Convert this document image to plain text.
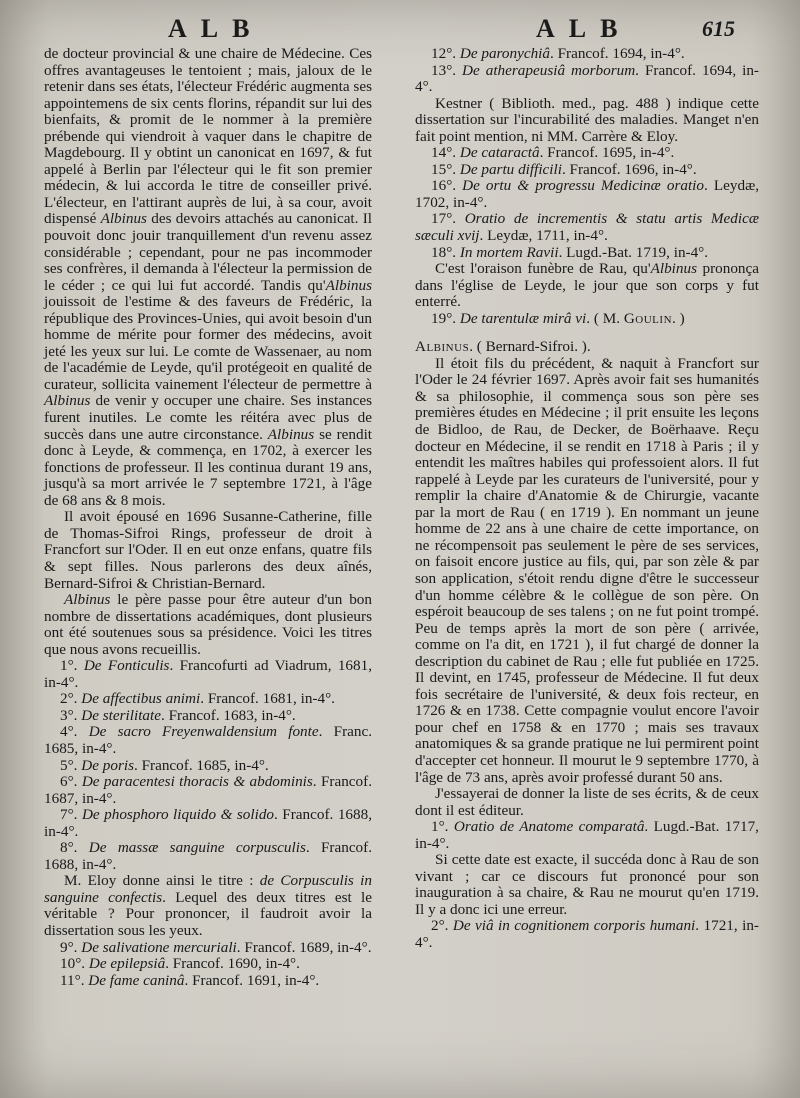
ALB	ALB	615

de docteur provincial & une chaire de Médecine. Ces offres avantageuses le tentoient ; mais, jaloux de le retenir dans ses états, l'électeur Frédéric augmenta ses appointemens de six cents florins, répandit sur lui des bienfaits, & promit de le nommer à la première prébende qui viendroit à vaquer dans le chapitre de Magdebourg. Il y obtint un canonicat en 1697, & fut appelé à Berlin par l'électeur qui le fit son premier médecin, & lui accorda le titre de conseiller privé. L'électeur, en l'attirant auprès de lui, à sa cour, avoit dispensé Albinus des devoirs attachés au canonicat. Il pouvoit donc jouir tranquillement d'un revenu assez considérable ; cependant, pour ne pas incommoder ses confrères, il demanda à l'électeur la permission de le céder ; ce qui lui fut accordé. Tandis qu'Albinus jouissoit de l'estime & des faveurs de Frédéric, la république des Provinces-Unies, qui avoit besoin d'un homme de mérite pour former des médecins, avoit jeté les yeux sur lui. Le comte de Wassenaer, au nom de l'académie de Leyde, qu'il protégeoit en qualité de curateur, sollicita vainement l'électeur de permettre à Albinus de venir y occuper une chaire. Ses instances furent inutiles. Le comte les réitéra avec plus de succès dans une autre circonstance. Albinus se rendit donc à Leyde, & commença, en 1702, à exercer les fonctions de professeur. Il les continua durant 19 ans, jusqu'à sa mort arrivée le 7 septembre 1721, à l'âge de 68 ans & 8 mois.

Il avoit épousé en 1696 Susanne-Catherine, fille de Thomas-Sifroi Rings, professeur de droit à Francfort sur l'Oder. Il en eut onze enfans, quatre fils & sept filles. Nous parlerons des deux aînés, Bernard-Sifroi & Christian-Bernard.

Albinus le père passe pour être auteur d'un bon nombre de dissertations académiques, dont plusieurs ont été soutenues sous sa présidence. Voici les titres que nous avons recueillis.

1°. De Fonticulis. Francofurti ad Viadrum, 1681, in-4°.

2°. De affectibus animi. Francof. 1681, in-4°.

3°. De sterilitate. Francof. 1683, in-4°.

4°. De sacro Freyenwaldensium fonte. Franc. 1685, in-4°.

5°. De poris. Francof. 1685, in-4°.

6°. De paracentesi thoracis & abdominis. Francof. 1687, in-4°.

7°. De phosphoro liquido & solido. Francof. 1688, in-4°.

8°. De massæ sanguine corpusculis. Francof. 1688, in-4°.

M. Eloy donne ainsi le titre : de Corpusculis in sanguine confectis. Lequel des deux titres est le véritable ? Pour prononcer, il faudroit avoir la dissertation sous les yeux.

9°. De salivatione mercuriali. Francof. 1689, in-4°.

10°. De epilepsiâ. Francof. 1690, in-4°.

11°. De fame caninâ. Francof. 1691, in-4°.

12°. De paronychiâ. Francof. 1694, in-4°.

13°. De atherapeusiâ morborum. Francof. 1694, in-4°.

Kestner ( Biblioth. med., pag. 488 ) indique cette dissertation sur l'incurabilité des maladies. Manget n'en fait point mention, ni MM. Carrère & Eloy.

14°. De cataractâ. Francof. 1695, in-4°.

15°. De partu difficili. Francof. 1696, in-4°.

16°. De ortu & progressu Medicinæ oratio. Leydæ, 1702, in-4°.

17°. Oratio de incrementis & statu artis Medicæ sæculi xvij. Leydæ, 1711, in-4°.

18°. In mortem Ravii. Lugd.-Bat. 1719, in-4°.

C'est l'oraison funèbre de Rau, qu'Albinus prononça dans l'église de Leyde, le jour que son corps y fut enterré.

19°. De tarentulæ mirâ vi. ( M. Goulin. )

Albinus. ( Bernard-Sifroi. ).

Il étoit fils du précédent, & naquit à Francfort sur l'Oder le 24 février 1697. Après avoir fait ses humanités & sa philosophie, il commença sous son père ses premières études en Médecine ; il prit ensuite les leçons de Bidloo, de Rau, de Decker, de Boërhaave. Reçu docteur en Médecine, il se rendit en 1718 à Paris ; il y entendit les maîtres habiles qui professoient alors. Il fut rappelé à Leyde par les curateurs de l'université, pour y remplir la chaire d'Anatomie & de Chirurgie, vacante par la mort de Rau ( en 1719 ). En nommant un jeune homme de 22 ans à une chaire de cette importance, on ne récompensoit pas seulement le père de ses services, on faisoit encore justice au fils, qui, par son zèle & par son application, s'étoit rendu digne d'être le successeur d'un homme célèbre & le collègue de son père. On espéroit beaucoup de ses talens ; on ne fut point trompé. Peu de temps après la mort de son père ( arrivée, comme on l'a dit, en 1721 ), il fut chargé de donner la description du cabinet de Rau ; elle fut publiée en 1725. Il devint, en 1745, professeur de Médecine. Il fut deux fois secrétaire de l'université, & deux fois recteur, en 1726 & en 1738. Cette compagnie voulut encore l'avoir pour chef en 1758 & en 1770 ; mais ses travaux anatomiques & sa grande pratique ne lui permirent point d'accepter cet honneur. Il mourut le 9 septembre 1770, à l'âge de 73 ans, après avoir professé durant 50 ans.

J'essayerai de donner la liste de ses écrits, & de ceux dont il est éditeur.

1°. Oratio de Anatome comparatâ. Lugd.-Bat. 1717, in-4°.

Si cette date est exacte, il succéda donc à Rau de son vivant ; car ce discours fut prononcé pour son inauguration à sa chaire, & Rau ne mourut qu'en 1719. Il y a donc ici une erreur.

2°. De viâ in cognitionem corporis humani. 1721, in-4°.
